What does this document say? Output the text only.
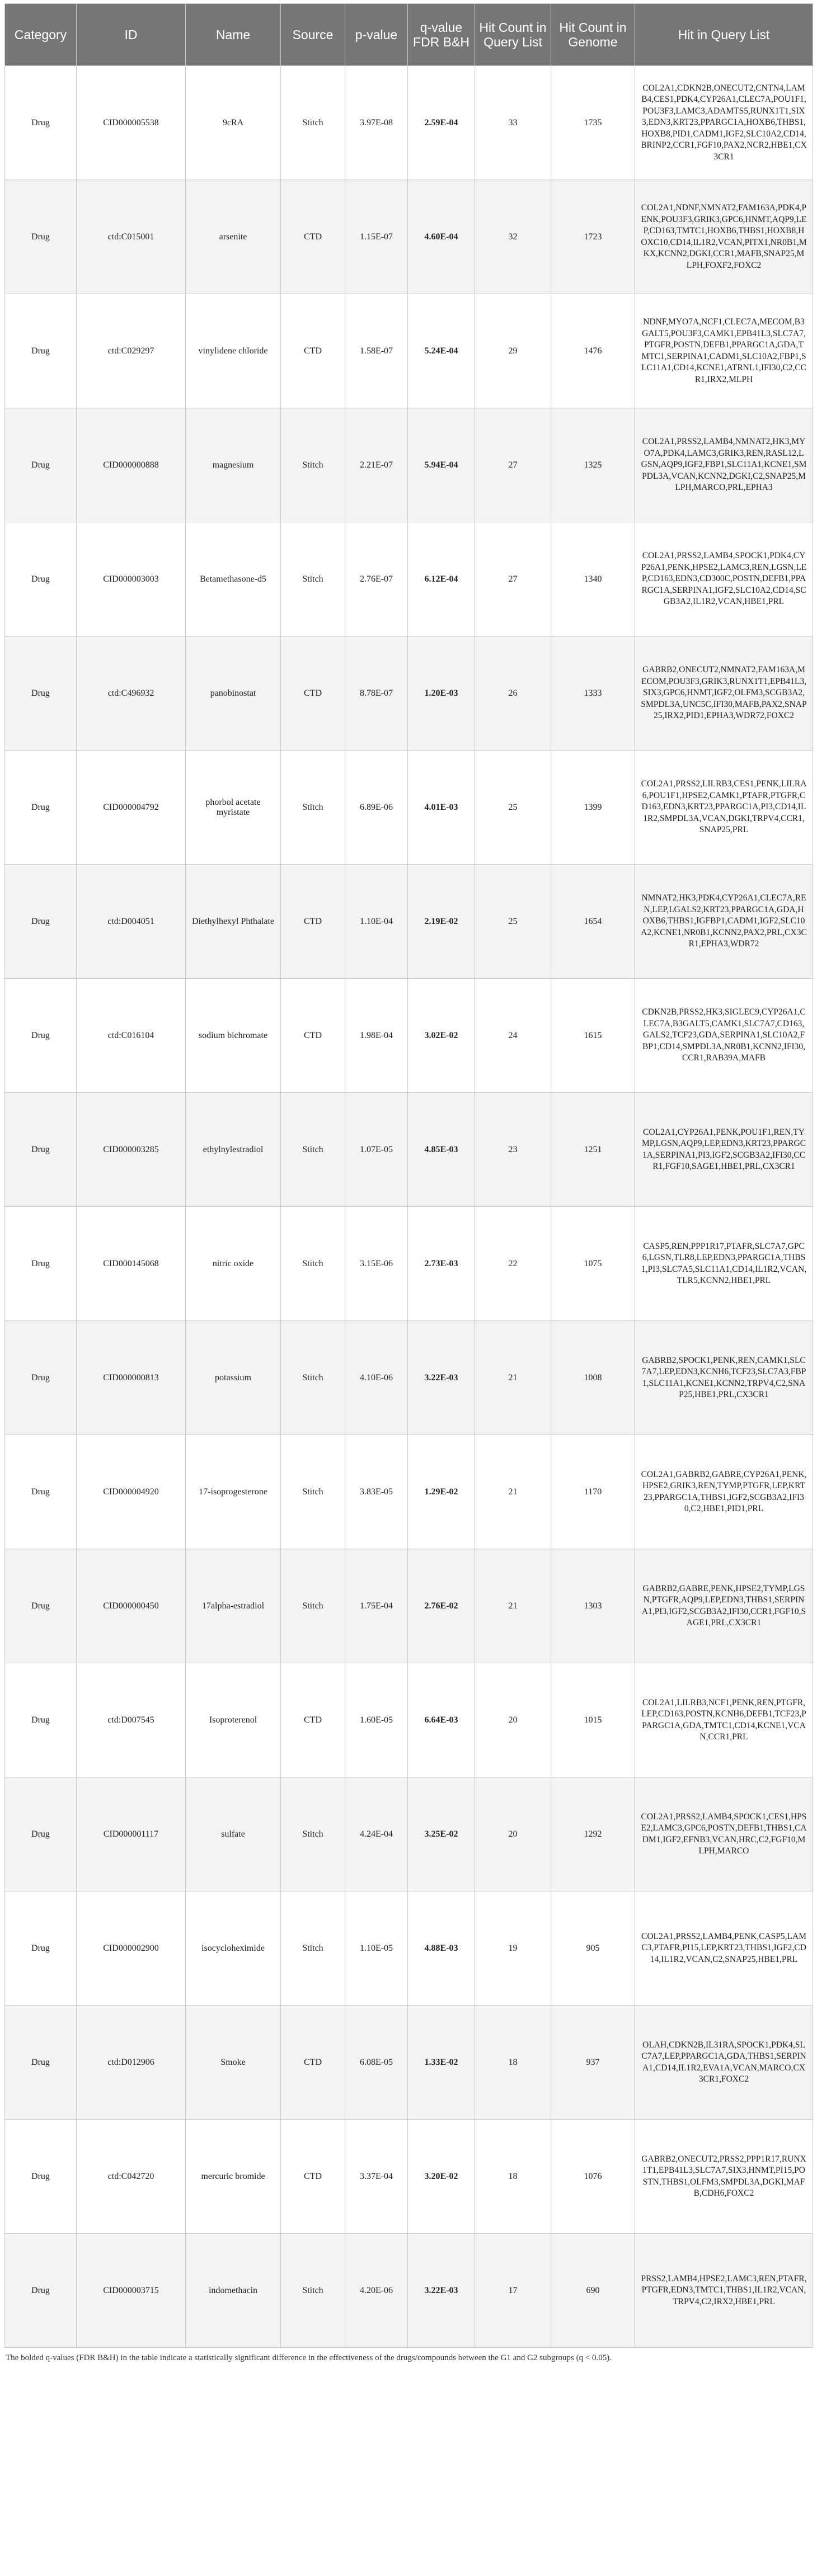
Category	ID	Name	Source	p-value	q-value FDR B&H	Hit Count in Query List	Hit Count in Genome	Hit in Query List
Drug	CID000005538	9cRA	Stitch	3.97E-08	2.59E-04	33	1735	COL2A1,CDKN2B,ONECUT2,CNTN4,LAMB4,CES1,PDK4,CYP26A1,CLEC7A,POU1F1,POU3F3,LAMC3,ADAMTS5,RUNX1T1,SIX3,EDN3,KRT23,PPARGC1A,HOXB6,THBS1,HOXB8,PID1,CADM1,IGF2,SLC10A2,CD14,BRINP2,CCR1,FGF10,PAX2,NCR2,HBE1,CX3CR1
Drug	ctd:C015001	arsenite	CTD	1.15E-07	4.60E-04	32	1723	COL2A1,NDNF,NMNAT2,FAM163A,PDK4,PENK,POU3F3,GRIK3,GPC6,HNMT,AQP9,LEP,CD163,TMTC1,HOXB6,THBS1,HOXB8,HOXC10,CD14,IL1R2,VCAN,PITX1,NR0B1,MKX,KCNN2,DGKI,CCR1,MAFB,SNAP25,MLPH,FOXF2,FOXC2
Drug	ctd:C029297	vinylidene chloride	CTD	1.58E-07	5.24E-04	29	1476	NDNF,MYO7A,NCF1,CLEC7A,MECOM,B3GALT5,POU3F3,CAMK1,EPB41L3,SLC7A7,PTGFR,POSTN,DEFB1,PPARGC1A,GDA,TMTC1,SERPINA1,CADM1,SLC10A2,FBP1,SLC11A1,CD14,KCNE1,ATRNL1,IFI30,C2,CCR1,IRX2,MLPH
Drug	CID000000888	magnesium	Stitch	2.21E-07	5.94E-04	27	1325	COL2A1,PRSS2,LAMB4,NMNAT2,HK3,MYO7A,PDK4,LAMC3,GRIK3,REN,RASL12,LGSN,AQP9,IGF2,FBP1,SLC11A1,KCNE1,SMPDL3A,VCAN,KCNN2,DGKI,C2,SNAP25,MLPH,MARCO,PRL,EPHA3
Drug	CID000003003	Betamethasone-d5	Stitch	2.76E-07	6.12E-04	27	1340	COL2A1,PRSS2,LAMB4,SPOCK1,PDK4,CYP26A1,PENK,HPSE2,LAMC3,REN,LGSN,LEP,CD163,EDN3,CD300C,POSTN,DEFB1,PPARGC1A,SERPINA1,IGF2,SLC10A2,CD14,SCGB3A2,IL1R2,VCAN,HBE1,PRL
Drug	ctd:C496932	panobinostat	CTD	8.78E-07	1.20E-03	26	1333	GABRB2,ONECUT2,NMNAT2,FAM163A,MECOM,POU3F3,GRIK3,RUNX1T1,EPB41L3,SIX3,GPC6,HNMT,IGF2,OLFM3,SCGB3A2,SMPDL3A,UNC5C,IFI30,MAFB,PAX2,SNAP25,IRX2,PID1,EPHA3,WDR72,FOXC2
Drug	CID000004792	phorbol acetate myristate	Stitch	6.89E-06	4.01E-03	25	1399	COL2A1,PRSS2,LILRB3,CES1,PENK,LILRA6,POU1F1,HPSE2,CAMK1,PTAFR,PTGFR,CD163,EDN3,KRT23,PPARGC1A,PI3,CD14,IL1R2,SMPDL3A,VCAN,DGKI,TRPV4,CCR1,SNAP25,PRL
Drug	ctd:D004051	Diethylhexyl Phthalate	CTD	1.10E-04	2.19E-02	25	1654	NMNAT2,HK3,PDK4,CYP26A1,CLEC7A,REN,LEP,LGALS2,KRT23,PPARGC1A,GDA,HOXB6,THBS1,IGFBP1,CADM1,IGF2,SLC10A2,KCNE1,NR0B1,KCNN2,PAX2,PRL,CX3CR1,EPHA3,WDR72
Drug	ctd:C016104	sodium bichromate	CTD	1.98E-04	3.02E-02	24	1615	CDKN2B,PRSS2,HK3,SIGLEC9,CYP26A1,CLEC7A,B3GALT5,CAMK1,SLC7A7,CD163,GALS2,TCF23,GDA,SERPINA1,SLC10A2,FBP1,CD14,SMPDL3A,NR0B1,KCNN2,IFI30,CCR1,RAB39A,MAFB
Drug	CID000003285	ethylnylestradiol	Stitch	1.07E-05	4.85E-03	23	1251	COL2A1,CYP26A1,PENK,POU1F1,REN,TYMP,LGSN,AQP9,LEP,EDN3,KRT23,PPARGC1A,SERPINA1,PI3,IGF2,SCGB3A2,IFI30,CCR1,FGF10,SAGE1,HBE1,PRL,CX3CR1
Drug	CID000145068	nitric oxide	Stitch	3.15E-06	2.73E-03	22	1075	CASP5,REN,PPP1R17,PTAFR,SLC7A7,GPC6,LGSN,TLR8,LEP,EDN3,PPARGC1A,THBS1,PI3,SLC7A5,SLC11A1,CD14,IL1R2,VCAN,TLR5,KCNN2,HBE1,PRL
Drug	CID000000813	potassium	Stitch	4.10E-06	3.22E-03	21	1008	GABRB2,SPOCK1,PENK,REN,CAMK1,SLC7A7,LEP,EDN3,KCNH6,TCF23,SLC7A3,FBP1,SLC11A1,KCNE1,KCNN2,TRPV4,C2,SNAP25,HBE1,PRL,CX3CR1
Drug	CID000004920	17-isoprogesterone	Stitch	3.83E-05	1.29E-02	21	1170	COL2A1,GABRB2,GABRE,CYP26A1,PENK,HPSE2,GRIK3,REN,TYMP,PTGFR,LEP,KRT23,PPARGC1A,THBS1,IGF2,SCGB3A2,IFI30,C2,HBE1,PID1,PRL
Drug	CID000000450	17alpha-estradiol	Stitch	1.75E-04	2.76E-02	21	1303	GABRB2,GABRE,PENK,HPSE2,TYMP,LGSN,PTGFR,AQP9,LEP,EDN3,THBS1,SERPINA1,PI3,IGF2,SCGB3A2,IFI30,CCR1,FGF10,SAGE1,PRL,CX3CR1
Drug	ctd:D007545	Isoproterenol	CTD	1.60E-05	6.64E-03	20	1015	COL2A1,LILRB3,NCF1,PENK,REN,PTGFR,LEP,CD163,POSTN,KCNH6,DEFB1,TCF23,PPARGC1A,GDA,TMTC1,CD14,KCNE1,VCAN,CCR1,PRL
Drug	CID000001117	sulfate	Stitch	4.24E-04	3.25E-02	20	1292	COL2A1,PRSS2,LAMB4,SPOCK1,CES1,HPSE2,LAMC3,GPC6,POSTN,DEFB1,THBS1,CADM1,IGF2,EFNB3,VCAN,HRC,C2,FGF10,MLPH,MARCO
Drug	CID000002900	isocycloheximide	Stitch	1.10E-05	4.88E-03	19	905	COL2A1,PRSS2,LAMB4,PENK,CASP5,LAMC3,PTAFR,PI15,LEP,KRT23,THBS1,IGF2,CD14,IL1R2,VCAN,C2,SNAP25,HBE1,PRL
Drug	ctd:D012906	Smoke	CTD	6.08E-05	1.33E-02	18	937	OLAH,CDKN2B,IL31RA,SPOCK1,PDK4,SLC7A7,LEP,PPARGC1A,GDA,THBS1,SERPINA1,CD14,IL1R2,EVA1A,VCAN,MARCO,CX3CR1,FOXC2
Drug	ctd:C042720	mercuric bromide	CTD	3.37E-04	3.20E-02	18	1076	GABRB2,ONECUT2,PRSS2,PPP1R17,RUNX1T1,EPB41L3,SLC7A7,SIX3,HNMT,PI15,POSTN,THBS1,OLFM3,SMPDL3A,DGKI,MAFB,CDH6,FOXC2
Drug	CID000003715	indomethacin	Stitch	4.20E-06	3.22E-03	17	690	PRSS2,LAMB4,HPSE2,LAMC3,REN,PTAFR,PTGFR,EDN3,TMTC1,THBS1,IL1R2,VCAN,TRPV4,C2,IRX2,HBE1,PRL
The bolded q-values (FDR B&H) in the table indicate a statistically significant difference in the effectiveness of the drugs/compounds between the G1 and G2 subgroups (q < 0.05).
